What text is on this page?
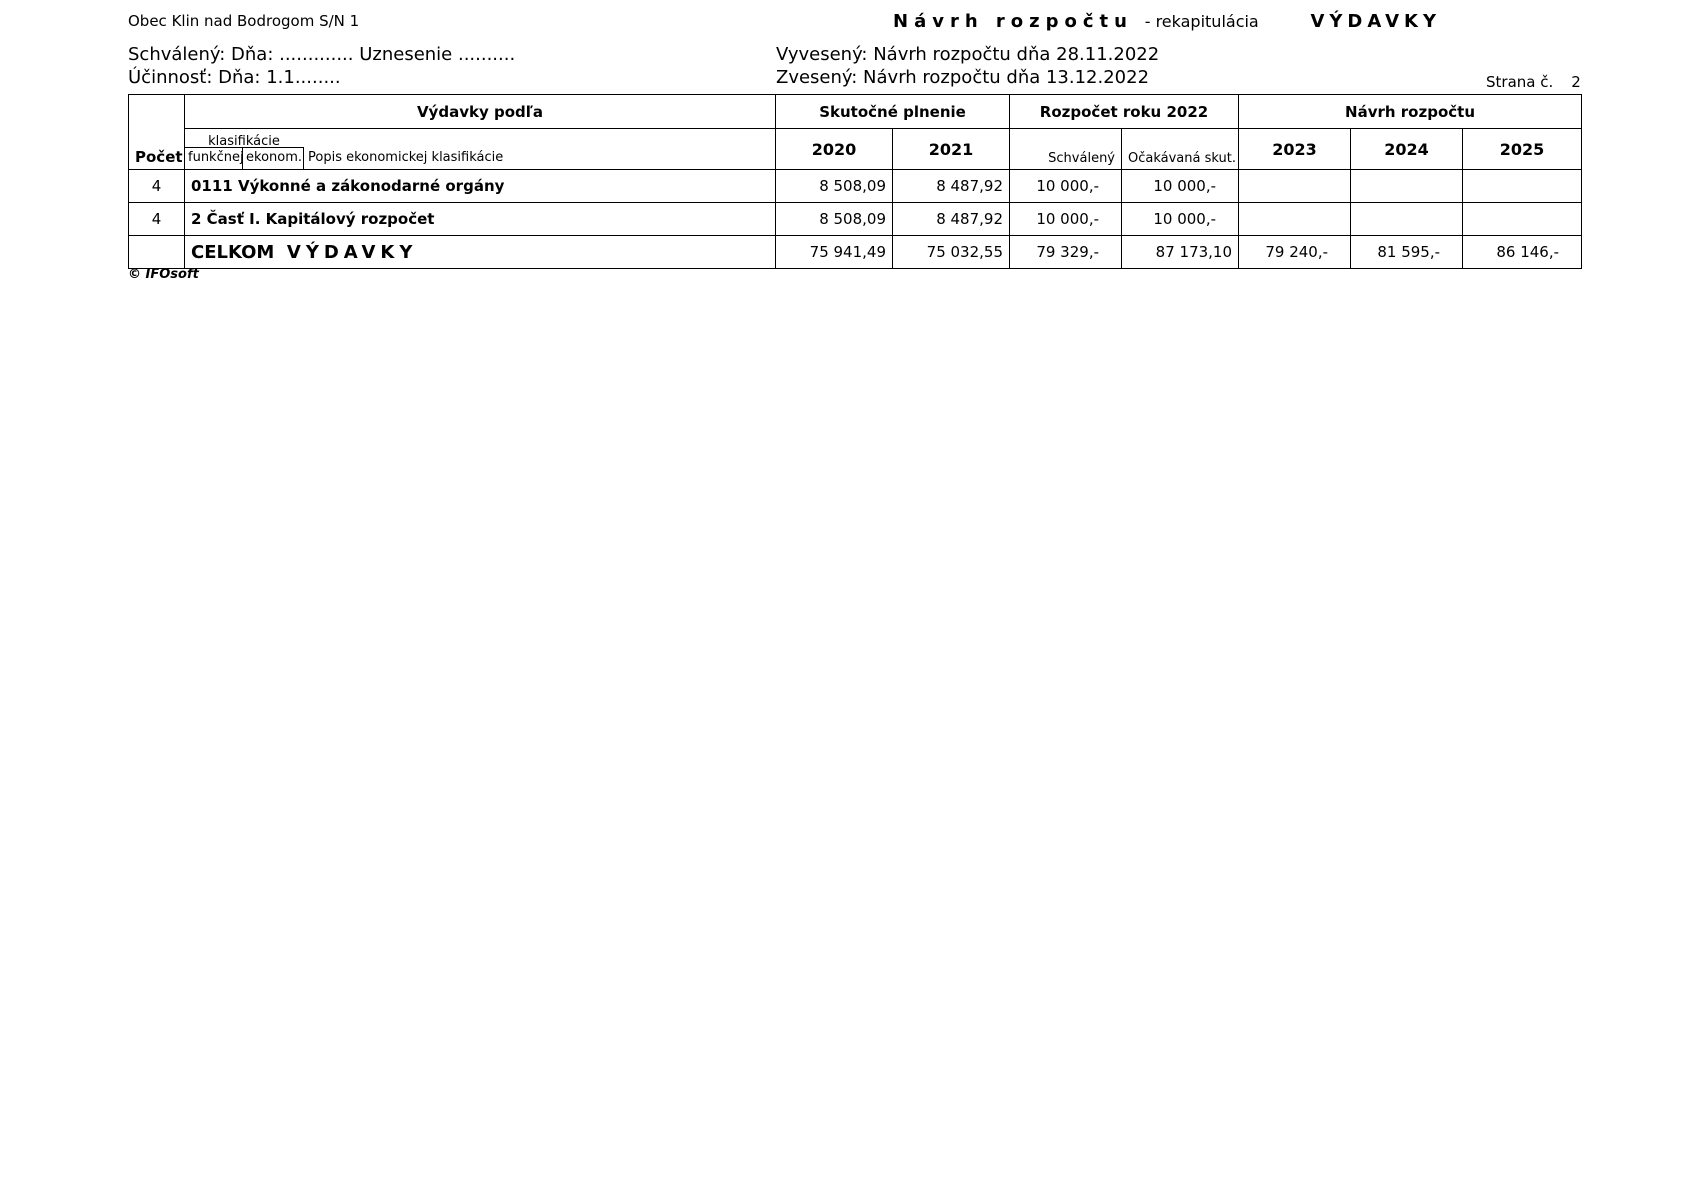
Obec Klin nad Bodrogom S/N 1	Návrh rozpočtu - rekapitulácia	VÝDAVKY
Schválený: Dňa: ............. Uznesenie ..........
Účinnosť: Dňa: 1.1........
Vyvesený: Návrh rozpočtu dňa 28.11.2022
Zvesený: Návrh rozpočtu dňa 13.12.2022	Strana č. 2
Počet	Výdavky podľa	Skutočné plnenie		Rozpočet roku 2022		Návrh rozpočtu		

	klasifikácie
funkčnej ekonom. Popis ekonomickej klasifikácie	2020	2021	Schválený	Očakávaná skut.	2023	2024	2025
4	0111 Výkonné a zákonodarné orgány	8 508,09	8 487,92	10 000,-	10 000,-			
4	2 Časť I. Kapitálový rozpočet	8 508,09	8 487,92	10 000,-	10 000,-			
	CELKOM VÝDAVKY	75 941,49	75 032,55	79 329,-	87 173,10	79 240,-	81 595,-	86 146,-
© IFOsoft
